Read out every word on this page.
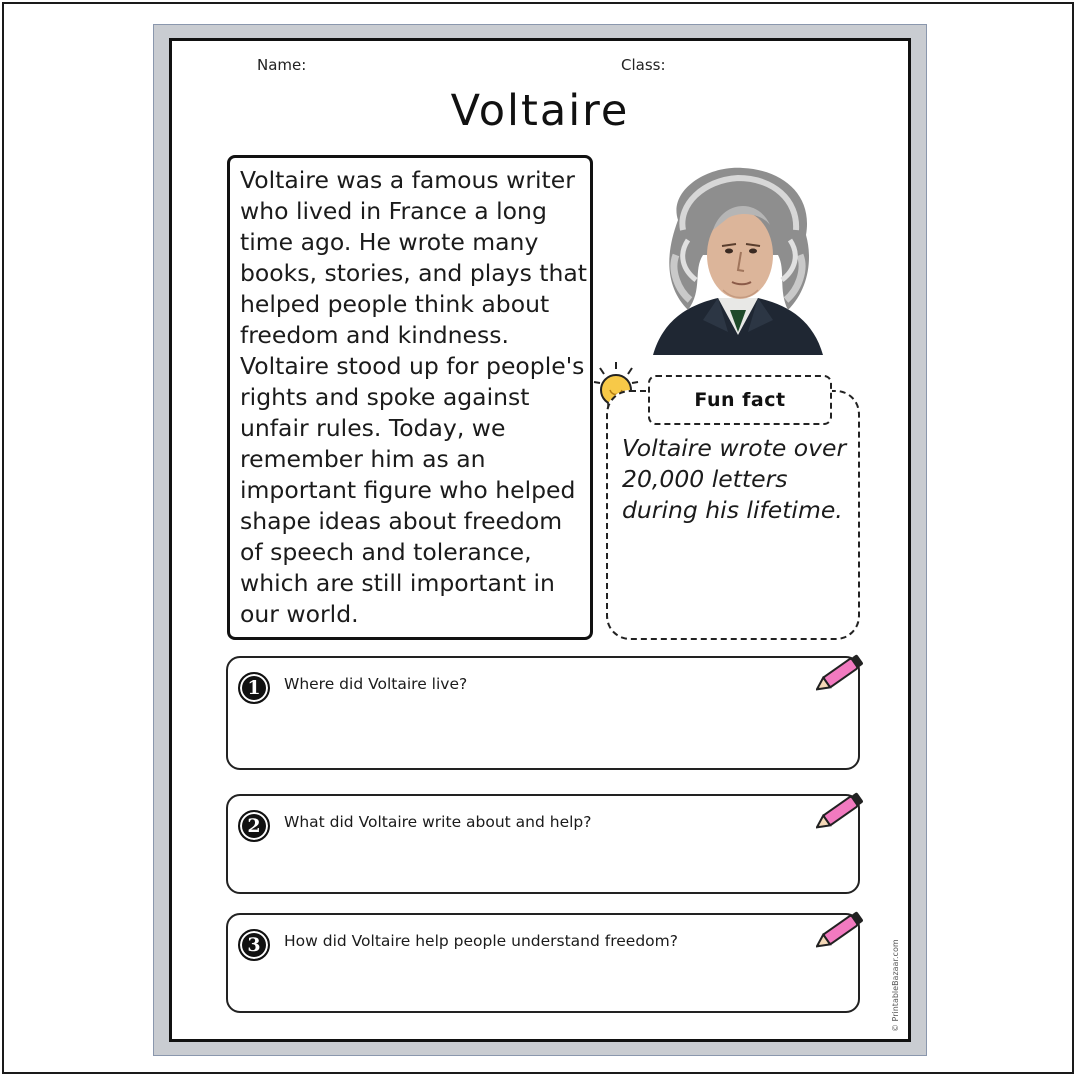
Name:	Class:
Voltaire
Voltaire was a famous writer
who lived in France a long
time ago. He wrote many
books, stories, and plays that
helped people think about
freedom and kindness.
Voltaire stood up for people's
rights and spoke against
unfair rules. Today, we
remember him as an
important figure who helped
shape ideas about freedom
of speech and tolerance,
which are still important in
our world.
Fun fact
Voltaire wrote over
20,000 letters
during his lifetime.
1	Where did Voltaire live?
2	What did Voltaire write about and help?
3	How did Voltaire help people understand freedom?	© PrintableBazaar.com
